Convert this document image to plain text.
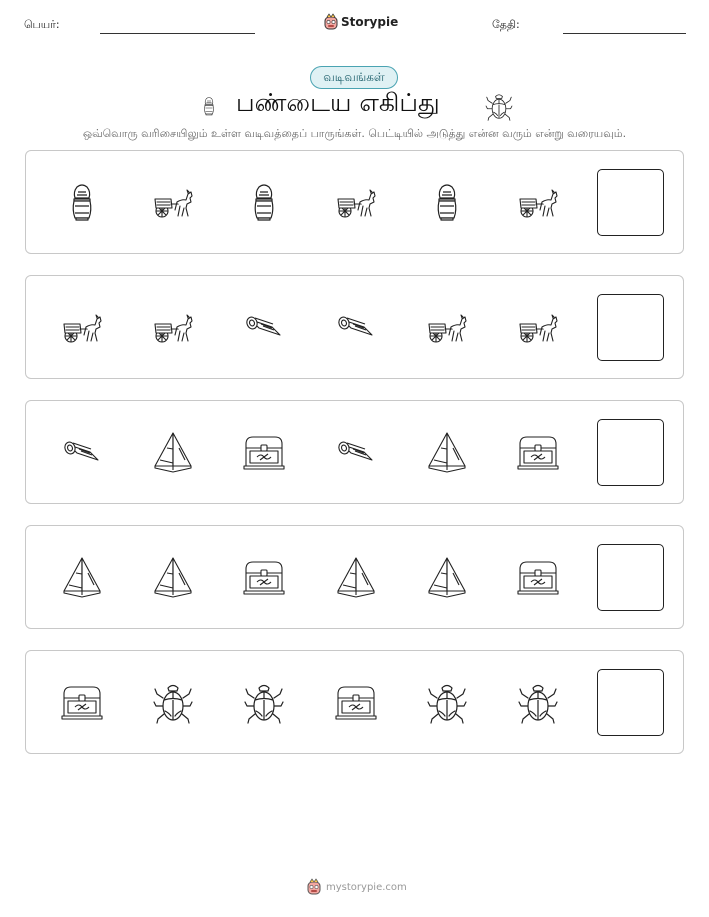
பெயர்:	Storypie	தேதி:
வடிவங்கள்
பண்டைய எகிப்து
ஒவ்வொரு வரிசையிலும் உள்ள வடிவத்தைப் பாருங்கள். பெட்டியில் அடுத்து என்ன வரும் என்று வரையவும்.
mystorypie.com
